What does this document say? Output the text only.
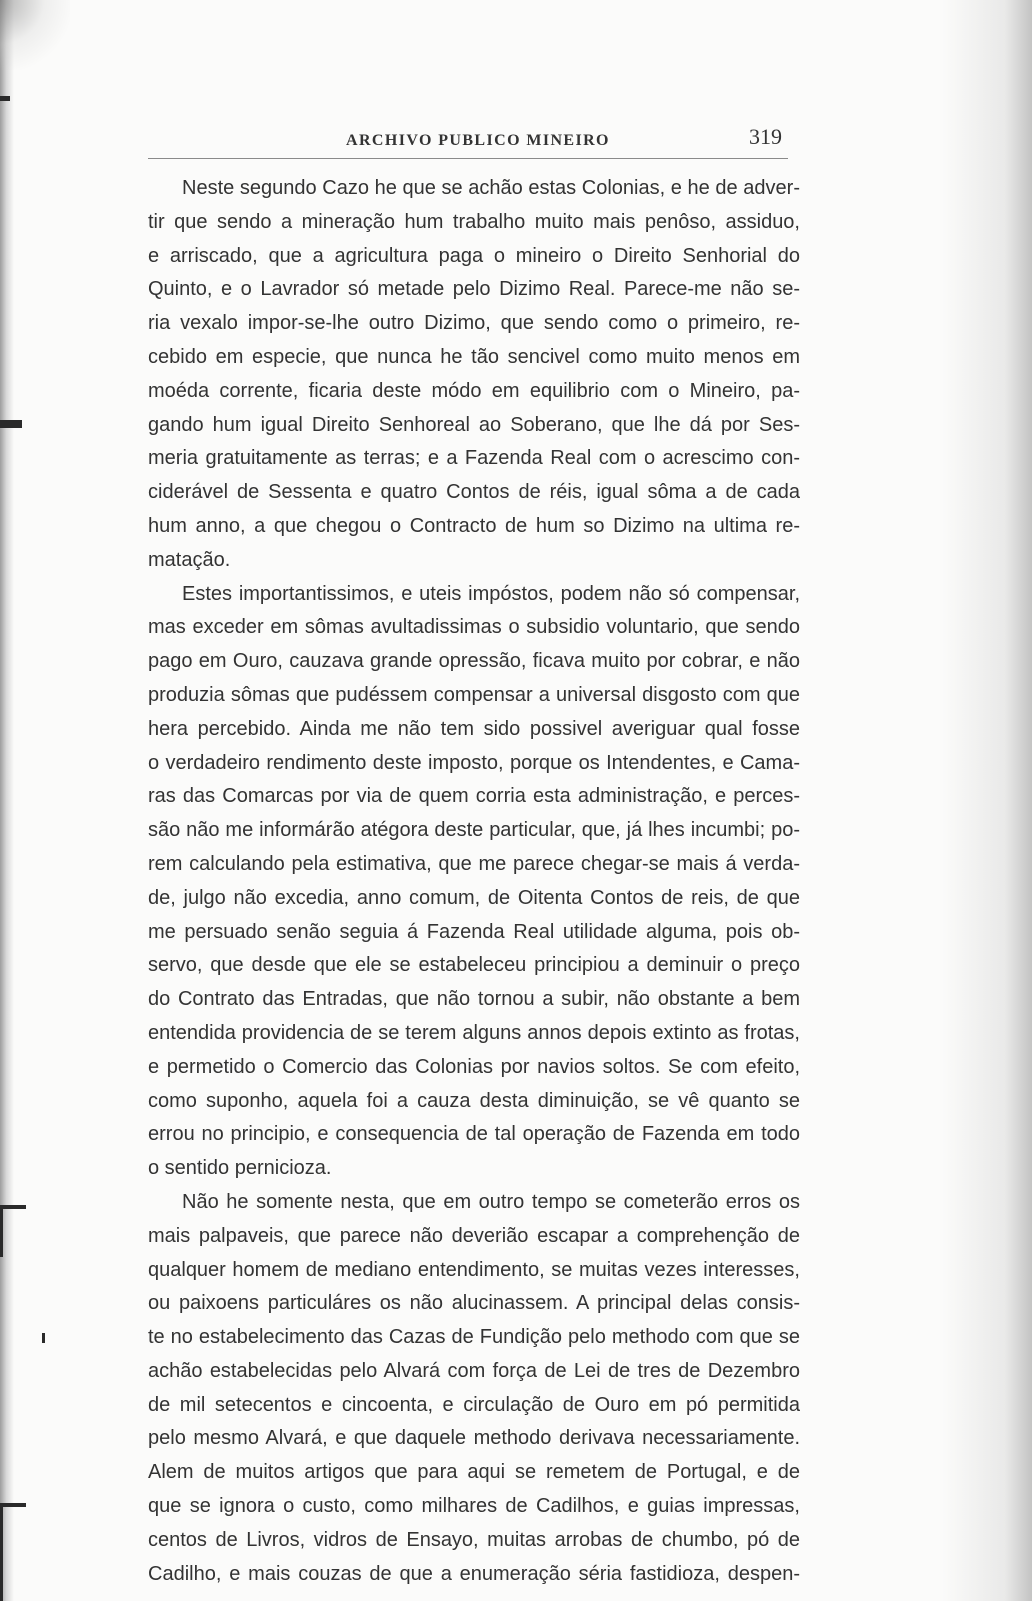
ARCHIVO PUBLICO MINEIRO	319
Neste segundo Cazo he que se achão estas Colonias, e he de adver-
tir que sendo a mineração hum trabalho muito mais penôso, assiduo,
e arriscado, que a agricultura paga o mineiro o Direito Senhorial do
Quinto, e o Lavrador só metade pelo Dizimo Real. Parece-me não se-
ria vexalo impor-se-lhe outro Dizimo, que sendo como o primeiro, re-
cebido em especie, que nunca he tão sencivel como muito menos em
moéda corrente, ficaria deste módo em equilibrio com o Mineiro, pa-
gando hum igual Direito Senhoreal ao Soberano, que lhe dá por Ses-
meria gratuitamente as terras; e a Fazenda Real com o acrescimo con-
ciderável de Sessenta e quatro Contos de réis, igual sôma a de cada
hum anno, a que chegou o Contracto de hum so Dizimo na ultima re-
matação.
Estes importantissimos, e uteis impóstos, podem não só compensar,
mas exceder em sômas avultadissimas o subsidio voluntario, que sendo
pago em Ouro, cauzava grande opressão, ficava muito por cobrar, e não
produzia sômas que pudéssem compensar a universal disgosto com que
hera percebido. Ainda me não tem sido possivel averiguar qual fosse
o verdadeiro rendimento deste imposto, porque os Intendentes, e Cama-
ras das Comarcas por via de quem corria esta administração, e perces-
são não me informárão atégora deste particular, que, já lhes incumbi; po-
rem calculando pela estimativa, que me parece chegar-se mais á verda-
de, julgo não excedia, anno comum, de Oitenta Contos de reis, de que
me persuado senão seguia á Fazenda Real utilidade alguma, pois ob-
servo, que desde que ele se estabeleceu principiou a deminuir o preço
do Contrato das Entradas, que não tornou a subir, não obstante a bem
entendida providencia de se terem alguns annos depois extinto as frotas,
e permetido o Comercio das Colonias por navios soltos. Se com efeito,
como suponho, aquela foi a cauza desta diminuição, se vê quanto se
errou no principio, e consequencia de tal operação de Fazenda em todo
o sentido pernicioza.
Não he somente nesta, que em outro tempo se cometerão erros os
mais palpaveis, que parece não deverião escapar a comprehenção de
qualquer homem de mediano entendimento, se muitas vezes interesses,
ou paixoens particuláres os não alucinassem. A principal delas consis-
te no estabelecimento das Cazas de Fundição pelo methodo com que se
achão estabelecidas pelo Alvará com força de Lei de tres de Dezembro
de mil setecentos e cincoenta, e circulação de Ouro em pó permitida
pelo mesmo Alvará, e que daquele methodo derivava necessariamente.
Alem de muitos artigos que para aqui se remetem de Portugal, e de
que se ignora o custo, como milhares de Cadilhos, e guias impressas,
centos de Livros, vidros de Ensayo, muitas arrobas de chumbo, pó de
Cadilho, e mais couzas de que a enumeração séria fastidioza, despen-
